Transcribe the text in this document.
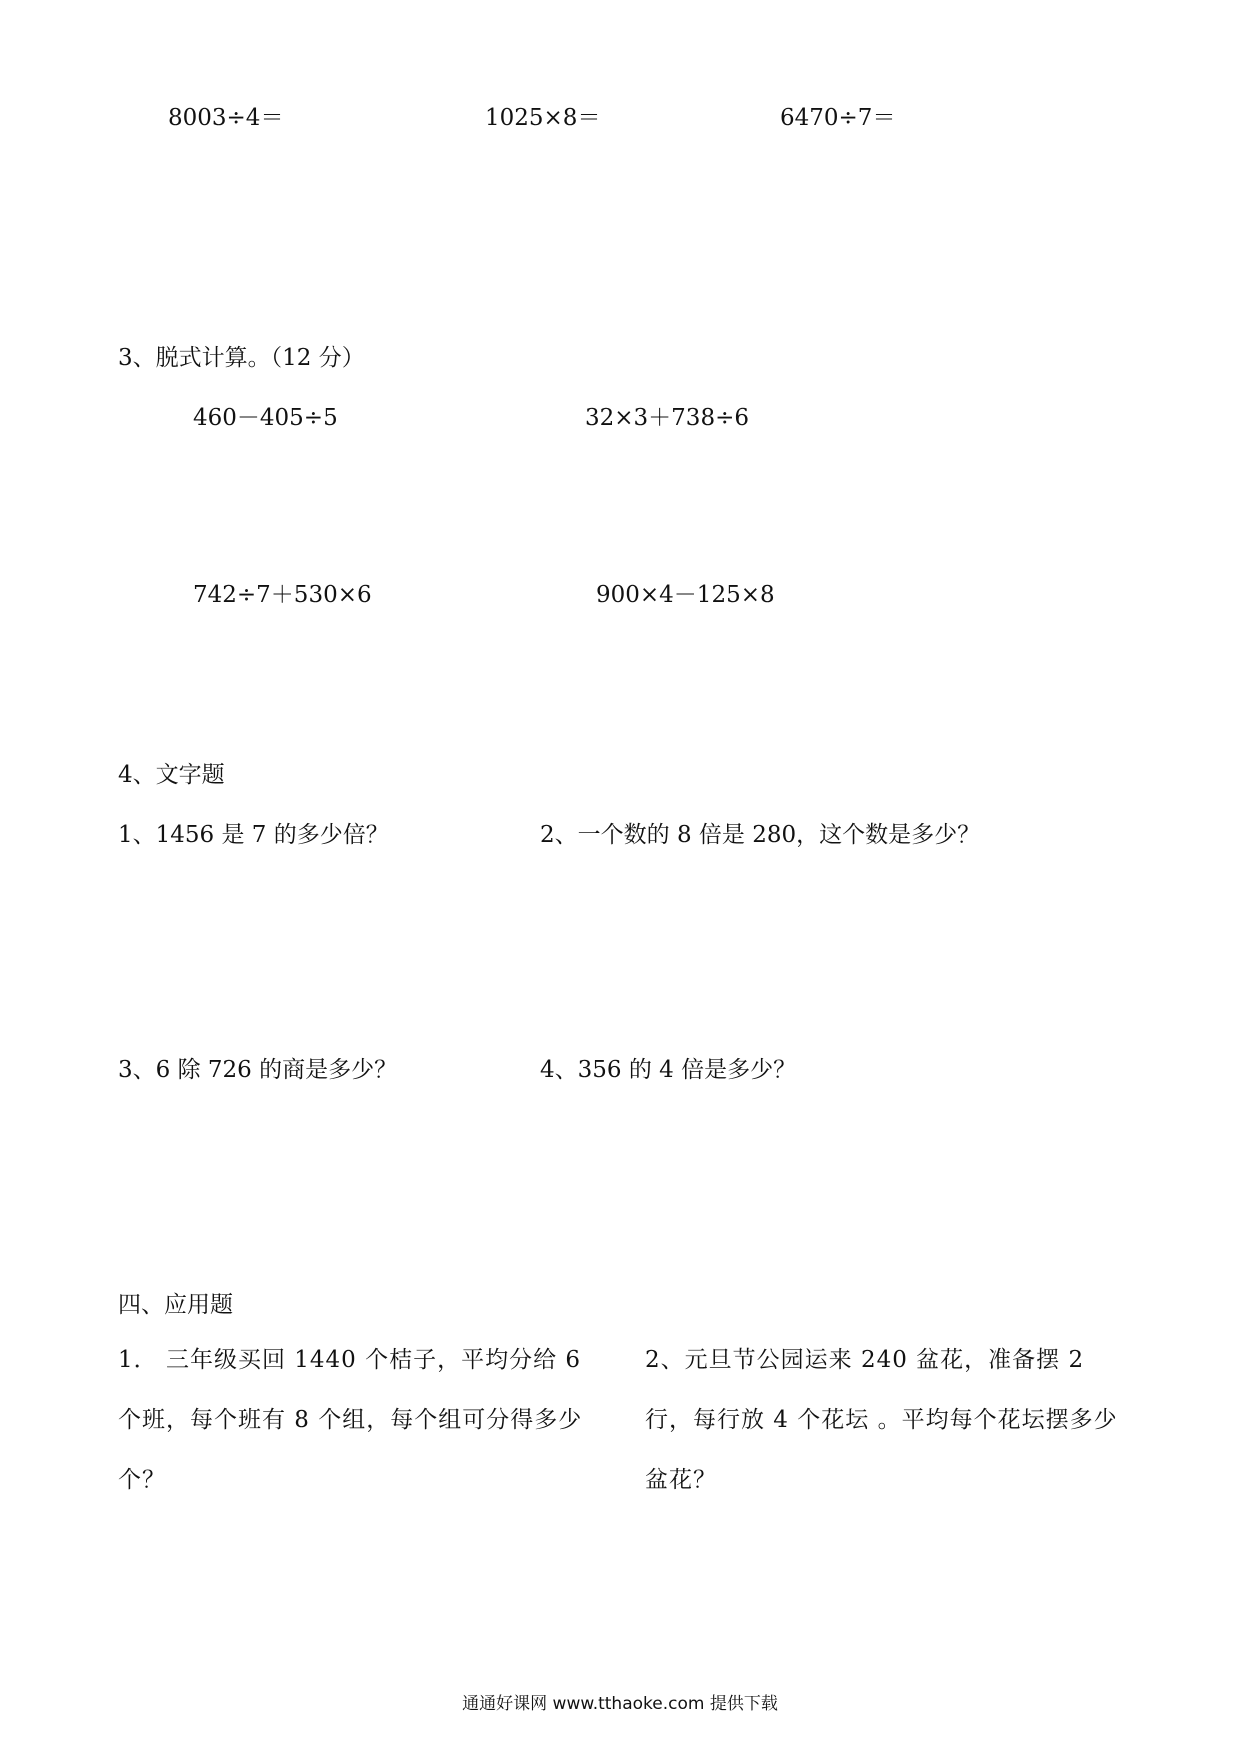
8003÷4＝	1025×8＝	6470÷7＝
3、脱式计算。（12 分）
460－405÷5	32×3＋738÷6
742÷7＋530×6	900×4－125×8
4、文字题
1、1456 是 7 的多少倍？	2、一个数的 8 倍是 280，这个数是多少？
3、6 除 726 的商是多少？	4、356 的 4 倍是多少？
四、应用题
1． 三年级买回 1440 个桔子，平均分给 6 个班，每个班有 8 个组，每个组可分得多少个？
2、元旦节公园运来 240 盆花，准备摆 2 行，每行放 4 个花坛 。平均每个花坛摆多少盆花？
通通好课网 www.tthaoke.com 提供下载
